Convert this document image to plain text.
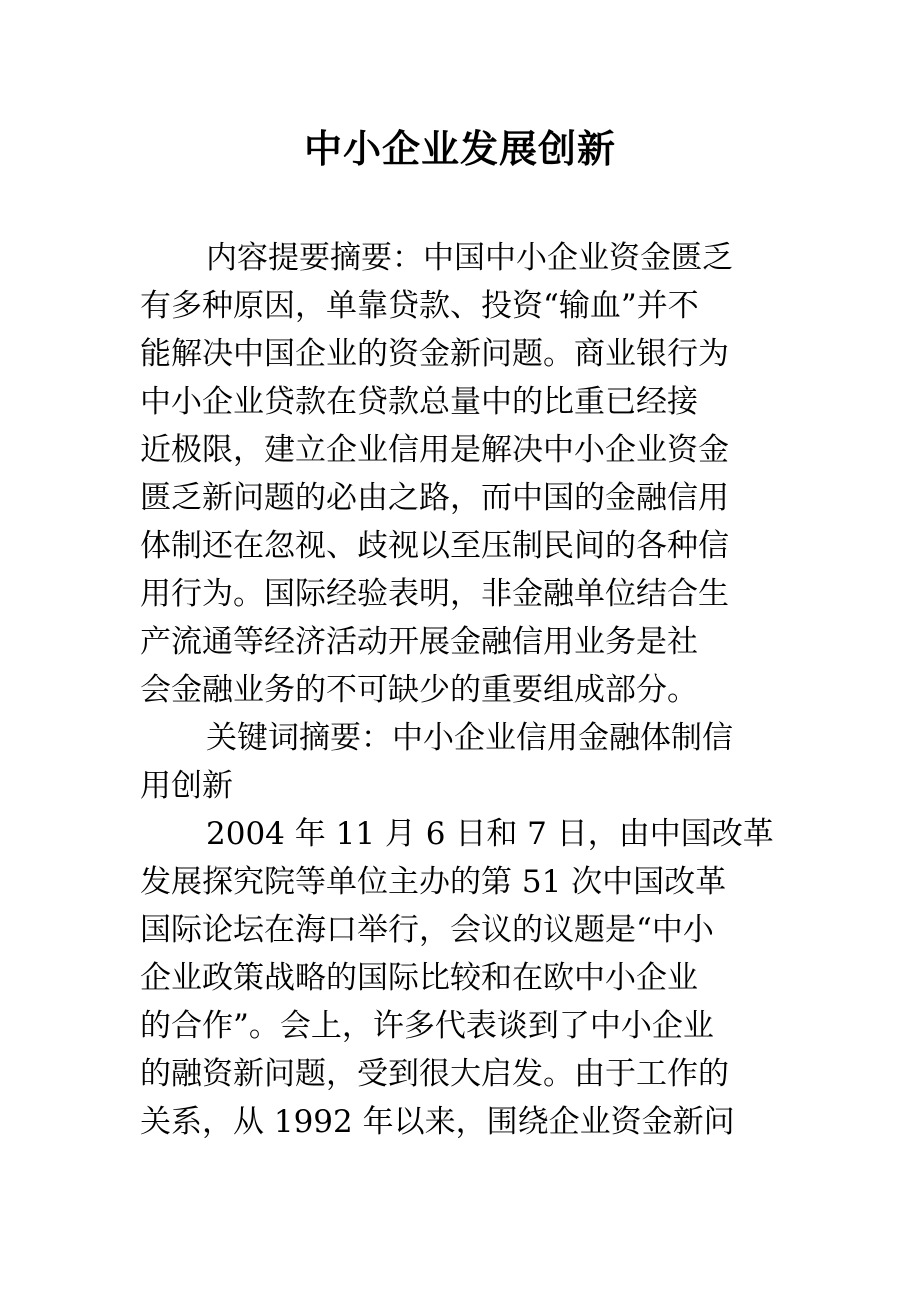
中小企业发展创新
内容提要摘要：中国中小企业资金匮乏
有多种原因，单靠贷款、投资“输血”并不
能解决中国企业的资金新问题。商业银行为
中小企业贷款在贷款总量中的比重已经接
近极限，建立企业信用是解决中小企业资金
匮乏新问题的必由之路，而中国的金融信用
体制还在忽视、歧视以至压制民间的各种信
用行为。国际经验表明，非金融单位结合生
产流通等经济活动开展金融信用业务是社
会金融业务的不可缺少的重要组成部分。
关键词摘要：中小企业信用金融体制信
用创新
2004 年 11 月 6 日和 7 日，由中国改革
发展探究院等单位主办的第 51 次中国改革
国际论坛在海口举行，会议的议题是“中小
企业政策战略的国际比较和在欧中小企业
的合作”。会上，许多代表谈到了中小企业
的融资新问题，受到很大启发。由于工作的
关系，从 1992 年以来，围绕企业资金新问
